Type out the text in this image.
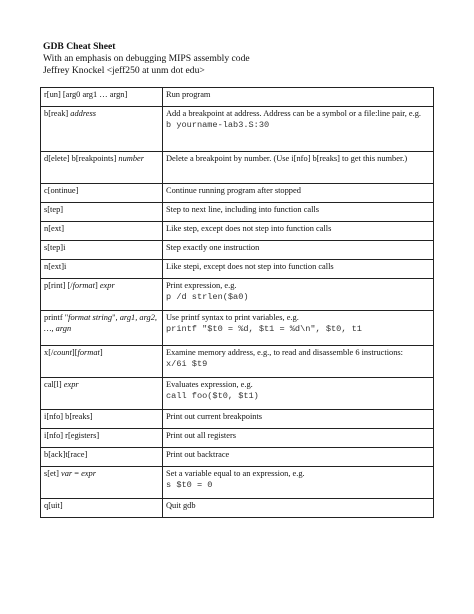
GDB Cheat Sheet
With an emphasis on debugging MIPS assembly code
Jeffrey Knockel <jeff250 at unm dot edu>
r[un] [arg0 arg1 … argn]	Run program
b[reak] address	Add a breakpoint at address. Address can be a symbol or a file:line pair, e.g.
b yourname-lab3.S:30

d[elete] b[reakpoints] number	Delete a breakpoint by number. (Use i[nfo] b[reaks] to get this number.)
c[ontinue]	Continue running program after stopped
s[tep]	Step to next line, including into function calls
n[ext]	Like step, except does not step into function calls
s[tep]i	Step exactly one instruction
n[ext]i	Like stepi, except does not step into function calls
p[rint] [/format] expr	Print expression, e.g.
p /d strlen($a0)

printf "format string", arg1, arg2, …, argn	Use printf syntax to print variables, e.g.
printf "$t0 = %d, $t1 = %d\n", $t0, t1

x[/count][format]	Examine memory address, e.g., to read and disassemble 6 instructions:
x/6i $t9

cal[l] expr	Evaluates expression, e.g.
call foo($t0, $t1)

i[nfo] b[reaks]	Print out current breakpoints
i[nfo] r[egisters]	Print out all registers
b[ack]t[race]	Print out backtrace
s[et] var = expr	Set a variable equal to an expression, e.g.
s $t0 = 0

q[uit]	Quit gdb
